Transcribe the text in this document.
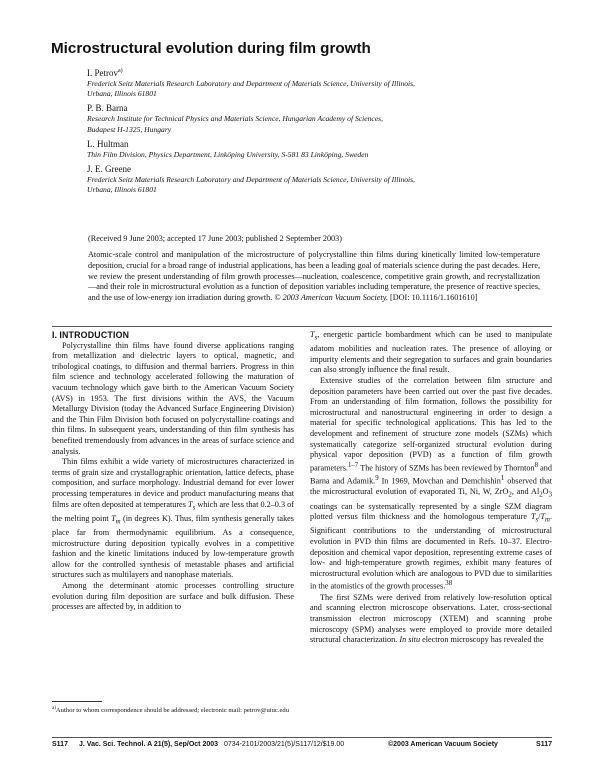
Microstructural evolution during film growth
I. Petrov$^{a)}$
Frederick Seitz Materials Research Laboratory and Department of Materials Science, University of Illinois,
Urbana, Illinois 61801
P. B. Barna
Research Institute for Technical Physics and Materials Science, Hungarian Academy of Sciences,
Budapest H-1325, Hungary
L. Hultman
Thin Film Division, Physics Department, Linköping University, S-581 83 Linköping, Sweden
J. E. Greene
Frederick Seitz Materials Research Laboratory and Department of Materials Science, University of Illinois,
Urbana, Illinois 61801
(Received 9 June 2003; accepted 17 June 2003; published 2 September 2003)

Atomic-scale control and manipulation of the microstructure of polycrystalline thin films during kinetically limited low-temperature deposition, crucial for a broad range of industrial applications, has been a leading goal of materials science during the past decades. Here, we review the present understanding of film growth processes—nucleation, coalescence, competitive grain growth, and recrystallization—and their role in microstructural evolution as a function of deposition variables including temperature, the presence of reactive species, and the use of low-energy ion irradiation during growth. © 2003 American Vacuum Society. [DOI: 10.1116/1.1601610]

I. INTRODUCTION

Polycrystalline thin films have found diverse applications ranging from metallization and dielectric layers to optical, magnetic, and tribological coatings, to diffusion and thermal barriers. Progress in thin film science and technology accelerated following the maturation of vacuum technology which gave birth to the American Vacuum Society (AVS) in 1953. The first divisions within the AVS, the Vacuum Metallurgy Division (today the Advanced Surface Engineering Division) and the Thin Film Division both focused on polycrystalline coatings and thin films. In subsequent years, understanding of thin film synthesis has benefited tremendously from advances in the areas of surface science and analysis.

Thin films exhibit a wide variety of microstructures characterized in terms of grain size and crystallographic orientation, lattice defects, phase composition, and surface morphology. Industrial demand for ever lower processing temperatures in device and product manufacturing means that films are often deposited at temperatures $T_s$ which are less that 0.2–0.3 of the melting point $T_m$ (in degrees K). Thus, film synthesis generally takes place far from thermodynamic equilibrium. As a consequence, microstructure during deposition typically evolves in a competitive fashion and the kinetic limitations induced by low-temperature growth allow for the controlled synthesis of metastable phases and artificial structures such as multilayers and nanophase materials.

Among the determinant atomic processes controlling structure evolution during film deposition are surface and bulk diffusion. These processes are affected by, in addition to

$T_s$, energetic particle bombardment which can be used to manipulate adatom mobilities and nucleation rates. The presence of alloying or impurity elements and their segregation to surfaces and grain boundaries can also strongly influence the final result.

Extensive studies of the correlation between film structure and deposition parameters have been carried out over the past five decades. From an understanding of film formation, follows the possibility for microstructural and nanostructural engineering in order to design a material for specific technological applications. This has led to the development and refinement of structure zone models (SZMs) which systematically categorize self-organized structural evolution during physical vapor deposition (PVD) as a function of film growth parameters.$^{1-7}$ The history of SZMs has been reviewed by Thornton$^8$ and Barna and Adamik.$^9$ In 1969, Movchan and Demchishin$^1$ observed that the microstructural evolution of evaporated Ti, Ni, W, ZrO$_2$, and $Al_2O_3$ coatings can be systematically represented by a single SZM diagram plotted versus film thickness and the homologous temperature $T_s/T_m$. Significant contributions to the understanding of microstructural evolution in PVD thin films are documented in Refs. 10–37. Electro-deposition and chemical vapor deposition, representing extreme cases of low- and high-temperature growth regimes, exhibit many features of microstructural evolution which are analogous to PVD due to similarities in the atomistics of the growth processes.$^{38}$

The first SZMs were derived from relatively low-resolution optical and scanning electron microscope observations. Later, cross-sectional transmission electron microscopy (XTEM) and scanning probe microscopy (SPM) analyses were employed to provide more detailed structural characterization. In situ electron microscopy has revealed the

$^{a)}$Author to whom correspondence should be addressed; electronic mail: petrov@uiuc.edu
S117 J. Vac. Sci. Technol. A 21(5), Sep/Oct 2003 0734-2101/2003/21(5)/S117/12/$19.00	©2003 American Vacuum Society	S117
